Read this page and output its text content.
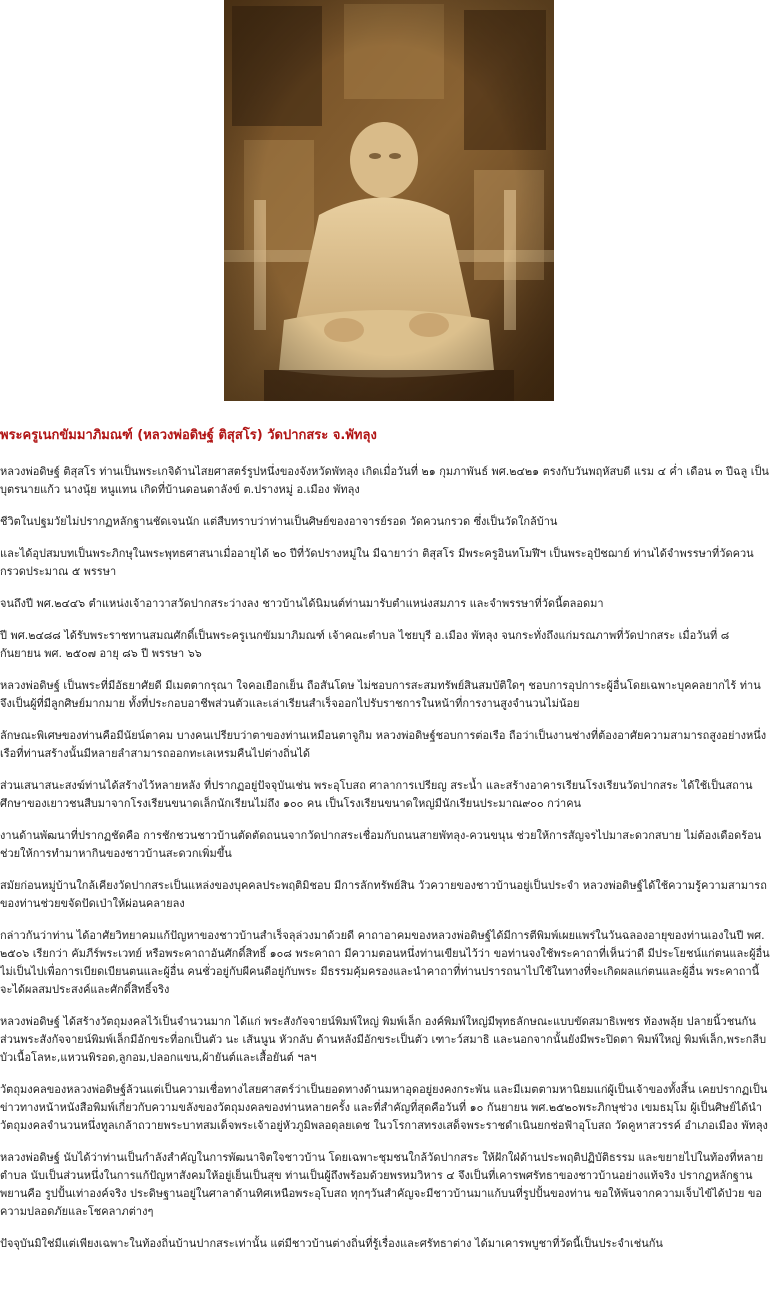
พระครูเนกขัมมาภิมณฑ์ (หลวงพ่อดิษฐ์ ติสุสโร) วัดปากสระ จ.พัทลุง

หลวงพ่อดิษฐ์ ติสุสโร ท่านเป็นพระเกจิด้านไสยศาสตร์รูปหนึ่งของจังหวัดพัทลุง เกิดเมื่อวันที่ ๒๑ กุมภาพันธ์ พศ.๒๔๒๑ ตรงกับวันพฤหัสบดี แรม ๔ ค่ำ เดือน ๓ ปีฉลู เป็นบุตรนายแก้ว นางนุ้ย หนูแทน เกิดที่บ้านดอนตาลังข์ ต.ปรางหมู่ อ.เมือง พัทลุง

ชีวิตในปฐมวัยไม่ปรากฏหลักฐานชัดเจนนัก แต่สืบทราบว่าท่านเป็นศิษย์ของอาจารย์รอด วัดควนกรวด ซึ่งเป็นวัดใกล้บ้าน

และได้อุปสมบทเป็นพระภิกษุในพระพุทธศาสนาเมื่ออายุได้ ๒๐ ปีที่วัดปรางหมู่ใน มีฉายาว่า ติสุสโร มีพระครูอินทโมฬีฯ เป็นพระอุปัชฌาย์ ท่านได้จำพรรษาที่วัดควนกรวดประมาณ ๕ พรรษา

จนถึงปี พศ.๒๔๔๖ ตำแหน่งเจ้าอาวาสวัดปากสระว่างลง ชาวบ้านได้นิมนต์ท่านมารับตำแหน่งสมภาร และจำพรรษาที่วัดนี้ตลอดมา

ปี พศ.๒๔๘๘ ได้รับพระราชทานสมณศักดิ์เป็นพระครูเนกขัมมาภิมณฑ์ เจ้าคณะตำบล ไชยบุรี อ.เมือง พัทลุง จนกระทั่งถึงแก่มรณภาพที่วัดปากสระ เมื่อวันที่ ๘ กันยายน พศ. ๒๕๐๗ อายุ ๘๖ ปี พรรษา ๖๖

หลวงพ่อดิษฐ์ เป็นพระที่มีอัธยาศัยดี มีเมตตากรุณา ใจคอเยือกเย็น ถือสันโดษ ไม่ชอบการสะสมทรัพย์สินสมบัติใดๆ ชอบการอุปการะผู้อื่นโดยเฉพาะบุคคลยากไร้ ท่านจึงเป็นผู้ที่มีลูกศิษย์มากมาย ทั้งที่ประกอบอาชีพส่วนตัวและเล่าเรียนสำเร็จออกไปรับราชการในหน้าที่การงานสูงจำนวนไม่น้อย

ลักษณะพิเศษของท่านคือมีนัยน์ตาคม บางคนเปรียบว่าตาของท่านเหมือนตาจูกิม หลวงพ่อดิษฐ์ชอบการต่อเรือ ถือว่าเป็นงานช่างที่ต้องอาศัยความสามารถสูงอย่างหนึ่ง เรือที่ท่านสร้างนั้นมีหลายลำสามารถออกทะเลเหรมคืนไปต่างถิ่นได้

ส่วนเสนาสนะสงฆ์ท่านได้สร้างไว้หลายหลัง ที่ปรากฏอยู่ปัจจุบันเช่น พระอุโบสถ ศาลาการเปรียญ สระน้ำ และสร้างอาคารเรียนโรงเรียนวัดปากสระ ได้ใช้เป็นสถานศึกษาของเยาวชนสืบมาจากโรงเรียนขนาดเล็กนักเรียนไม่ถึง ๑๐๐ คน เป็นโรงเรียนขนาดใหญ่มีนักเรียนประมาณ๙๐๐ กว่าคน

งานด้านพัฒนาที่ปรากฏชัดคือ การชักชวนชาวบ้านตัดตัดถนนจากวัดปากสระเชื่อมกับถนนสายพัทลุง-ควนขนุน ช่วยให้การสัญจรไปมาสะดวกสบาย ไม่ต้องเดือดร้อน ช่วยให้การทำมาหากินของชาวบ้านสะดวกเพิ่มขึ้น

สมัยก่อนหมู่บ้านใกล้เคียงวัดปากสระเป็นแหล่งของบุคคลประพฤติมิชอบ มีการลักทรัพย์สิน วัวควายของชาวบ้านอยู่เป็นประจำ หลวงพ่อดิษฐ์ได้ใช้ความรู้ความสามารถของท่านช่วยขจัดปัดเป่าให้ผ่อนคลายลง

กล่าวกันว่าท่าน ได้อาศัยวิทยาคมแก้ปัญหาของชาวบ้านสำเร็จลุล่วงมาด้วยดี คาถาอาคมของหลวงพ่อดิษฐ์ได้มีการตีพิมพ์เผยแพร่ในวันฉลองอายุของท่านเองในปี พศ. ๒๕๐๖ เรียกว่า คัมภีร์พระเวทย์ หรือพระคาถาอันศักดิ์สิทธิ์ ๑๐๘ พระคาถา มีความตอนหนึ่งท่านเขียนไว้ว่า ขอท่านจงใช้พระคาถาที่เห็นว่าดี มีประโยชน์แก่ตนและผู้อื่น ไม่เป็นไปเพื่อการเบียดเบียนตนและผู้อื่น คนชั่วอยู่กับผีคนดีอยู่กับพระ มีธรรมคุ้มครองและนำคาถาที่ท่านปรารถนาไปใช้ในทางที่จะเกิดผลแก่ตนและผู้อื่น พระคาถานี้จะได้ผลสมประสงค์และศักดิ์สิทธิ์จริง

หลวงพ่อดิษฐ์ ได้สร้างวัตถุมงคลไว้เป็นจำนวนมาก ได้แก่ พระสังกัจจายน์พิมพ์ใหญ่ พิมพ์เล็ก องค์พิมพ์ใหญ่มีพุทธลักษณะแบบขัดสมาธิเพชร ท้องพลุ้ย ปลายนิ้วชนกัน ส่วนพระสังกัจจายน์พิมพ์เล็กมีอักขระที่อกเป็นตัว นะ เส้นนูน หัวกลับ ด้านหลังมีอักขระเป็นตัว เฑาะว์สมาธิ และนอกจากนั้นยังมีพระปิดตา พิมพ์ใหญ่ พิมพ์เล็ก,พระกลีบบัวเนื้อโลหะ,แหวนพิรอด,ลูกอม,ปลอกแขน,ผ้ายันต์และเสื้อยันต์ ฯลฯ

วัตถุมงคลของหลวงพ่อดิษฐ์ล้วนแต่เป็นความเชื่อทางไสยศาสตร์ว่าเป็นยอดทางด้านมหาอุดอยู่ยงคงกระพัน และมีเมตตามหานิยมแก่ผู้เป็นเจ้าของทั้งสิ้น เคยปรากฏเป็นข่าวทางหน้าหนังสือพิมพ์เกี่ยวกับความขลังของวัตถุมงคลของท่านหลายครั้ง และที่สำคัญที่สุดคือวันที่ ๑๐ กันยายน พศ.๒๕๒๐พระภิกษุช่วง เขมธมฺโม ผู้เป็นศิษย์ได้นำวัตถุมงคลจำนวนหนึ่งทูลเกล้าถวายพระบาทสมเด็จพระเจ้าอยู่หัวภูมิพลอดุลยเดช ในวโรกาสทรงเสด็จพระราชดำเนินยกช่อฟ้าอุโบสถ วัดคูหาสวรรค์ อำเภอเมือง พัทลุง

หลวงพ่อดิษฐ์ นับได้ว่าท่านเป็นกำลังสำคัญในการพัฒนาจิตใจชาวบ้าน โดยเฉพาะชุมชนใกล้วัดปากสระ ให้ฝักใฝ่ด้านประพฤติปฏิบัติธรรม และขยายไปในท้องที่หลายตำบล นับเป็นส่วนหนึ่งในการแก้ปัญหาสังคมให้อยู่เย็นเป็นสุข ท่านเป็นผู้ถึงพร้อมด้วยพรหมวิหาร ๔ จึงเป็นที่เคารพศรัทธาของชาวบ้านอย่างแท้จริง ปรากฏหลักฐานพยานคือ รูปปั้นเท่าองค์จริง ประดิษฐานอยู่ในศาลาด้านทิศเหนือพระอุโบสถ ทุกๆวันสำคัญจะมีชาวบ้านมาแก้บนที่รูปปั้นของท่าน ขอให้พ้นจากความเจ็บไข้ได้ป่วย ขอความปลอดภัยและโชคลาภต่างๆ

ปัจจุบันมิใช่มีแต่เพียงเฉพาะในท้องถิ่นบ้านปากสระเท่านั้น แต่มีชาวบ้านต่างถิ่นที่รู้เรื่องและศรัทธาต่าง ได้มาเคารพบูชาที่วัดนี้เป็นประจำเช่นกัน
